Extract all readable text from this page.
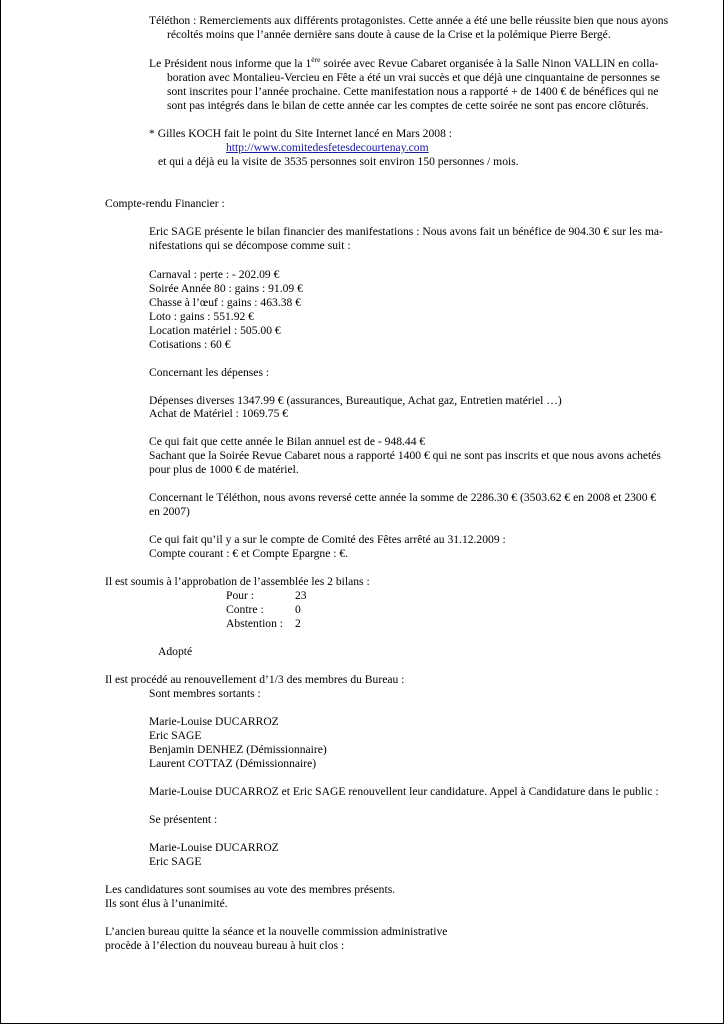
Téléthon : Remerciements aux différents protagonistes. Cette année a été une belle réussite bien que nous ayons
récoltés moins que l’année dernière sans doute à cause de la Crise et la polémique Pierre Bergé.
Le Président nous informe que la 1ère soirée avec Revue Cabaret organisée à la Salle Ninon VALLIN en colla-
boration avec Montalieu-Vercieu en Fête a été un vrai succès et que déjà une cinquantaine de personnes se
sont inscrites pour l’année prochaine. Cette manifestation nous a rapporté + de 1400 € de bénéfices qui ne
sont pas intégrés dans le bilan de cette année car les comptes de cette soirée ne sont pas encore clôturés.
* Gilles KOCH fait le point du Site Internet lancé en Mars 2008 :
http://www.comitedesfetesdecourtenay.com
et qui a déjà eu la visite de 3535 personnes soit environ 150 personnes / mois.
Compte-rendu Financier :
Eric SAGE présente le bilan financier des manifestations : Nous avons fait un bénéfice de 904.30 € sur les ma-
nifestations qui se décompose comme suit :
Carnaval : perte : - 202.09 €
Soirée Année 80 : gains : 91.09 €
Chasse à l’œuf : gains : 463.38 €
Loto : gains : 551.92 €
Location matériel : 505.00 €
Cotisations : 60 €
Concernant les dépenses :
Dépenses diverses 1347.99 € (assurances, Bureautique, Achat gaz, Entretien matériel …)
Achat de Matériel : 1069.75 €
Ce qui fait que cette année le Bilan annuel est de - 948.44 €
Sachant que la Soirée Revue Cabaret nous a rapporté 1400 € qui ne sont pas inscrits et que nous avons achetés
pour plus de 1000 € de matériel.
Concernant le Téléthon, nous avons reversé cette année la somme de 2286.30 € (3503.62 € en 2008 et 2300 €
en 2007)
Ce qui fait qu’il y a sur le compte de Comité des Fêtes arrêté au 31.12.2009 :
Compte courant : € et Compte Epargne : €.
Il est soumis à l’approbation de l’assemblée les 2 bilans :
Pour :	23
Contre :	0
Abstention : 2
Adopté
Il est procédé au renouvellement d’1/3 des membres du Bureau :
Sont membres sortants :
Marie-Louise DUCARROZ
Eric SAGE
Benjamin DENHEZ (Démissionnaire)
Laurent COTTAZ (Démissionnaire)
Marie-Louise DUCARROZ et Eric SAGE renouvellent leur candidature. Appel à Candidature dans le public :
Se présentent :
Marie-Louise DUCARROZ
Eric SAGE
Les candidatures sont soumises au vote des membres présents.
Ils sont élus à l’unanimité.
L’ancien bureau quitte la séance et la nouvelle commission administrative
procède à l’élection du nouveau bureau à huit clos :
